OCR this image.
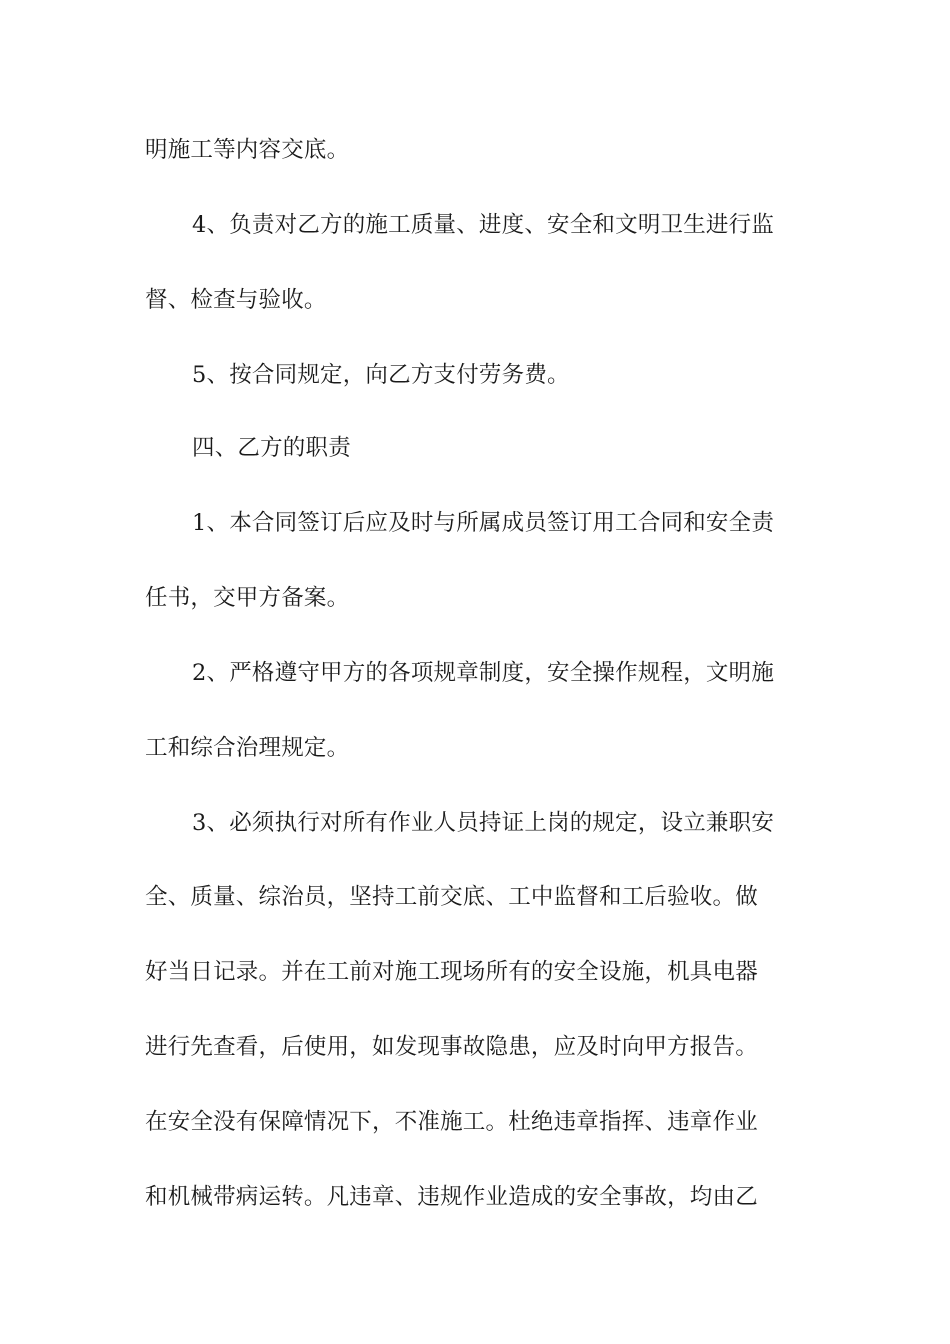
明施工等内容交底。
4、负责对乙方的施工质量、进度、安全和文明卫生进行监
督、检查与验收。
5、按合同规定，向乙方支付劳务费。
四、乙方的职责
1、本合同签订后应及时与所属成员签订用工合同和安全责
任书，交甲方备案。
2、严格遵守甲方的各项规章制度，安全操作规程，文明施
工和综合治理规定。
3、必须执行对所有作业人员持证上岗的规定，设立兼职安
全、质量、综治员，坚持工前交底、工中监督和工后验收。做
好当日记录。并在工前对施工现场所有的安全设施，机具电器
进行先查看，后使用，如发现事故隐患，应及时向甲方报告。
在安全没有保障情况下，不准施工。杜绝违章指挥、违章作业
和机械带病运转。凡违章、违规作业造成的安全事故，均由乙
